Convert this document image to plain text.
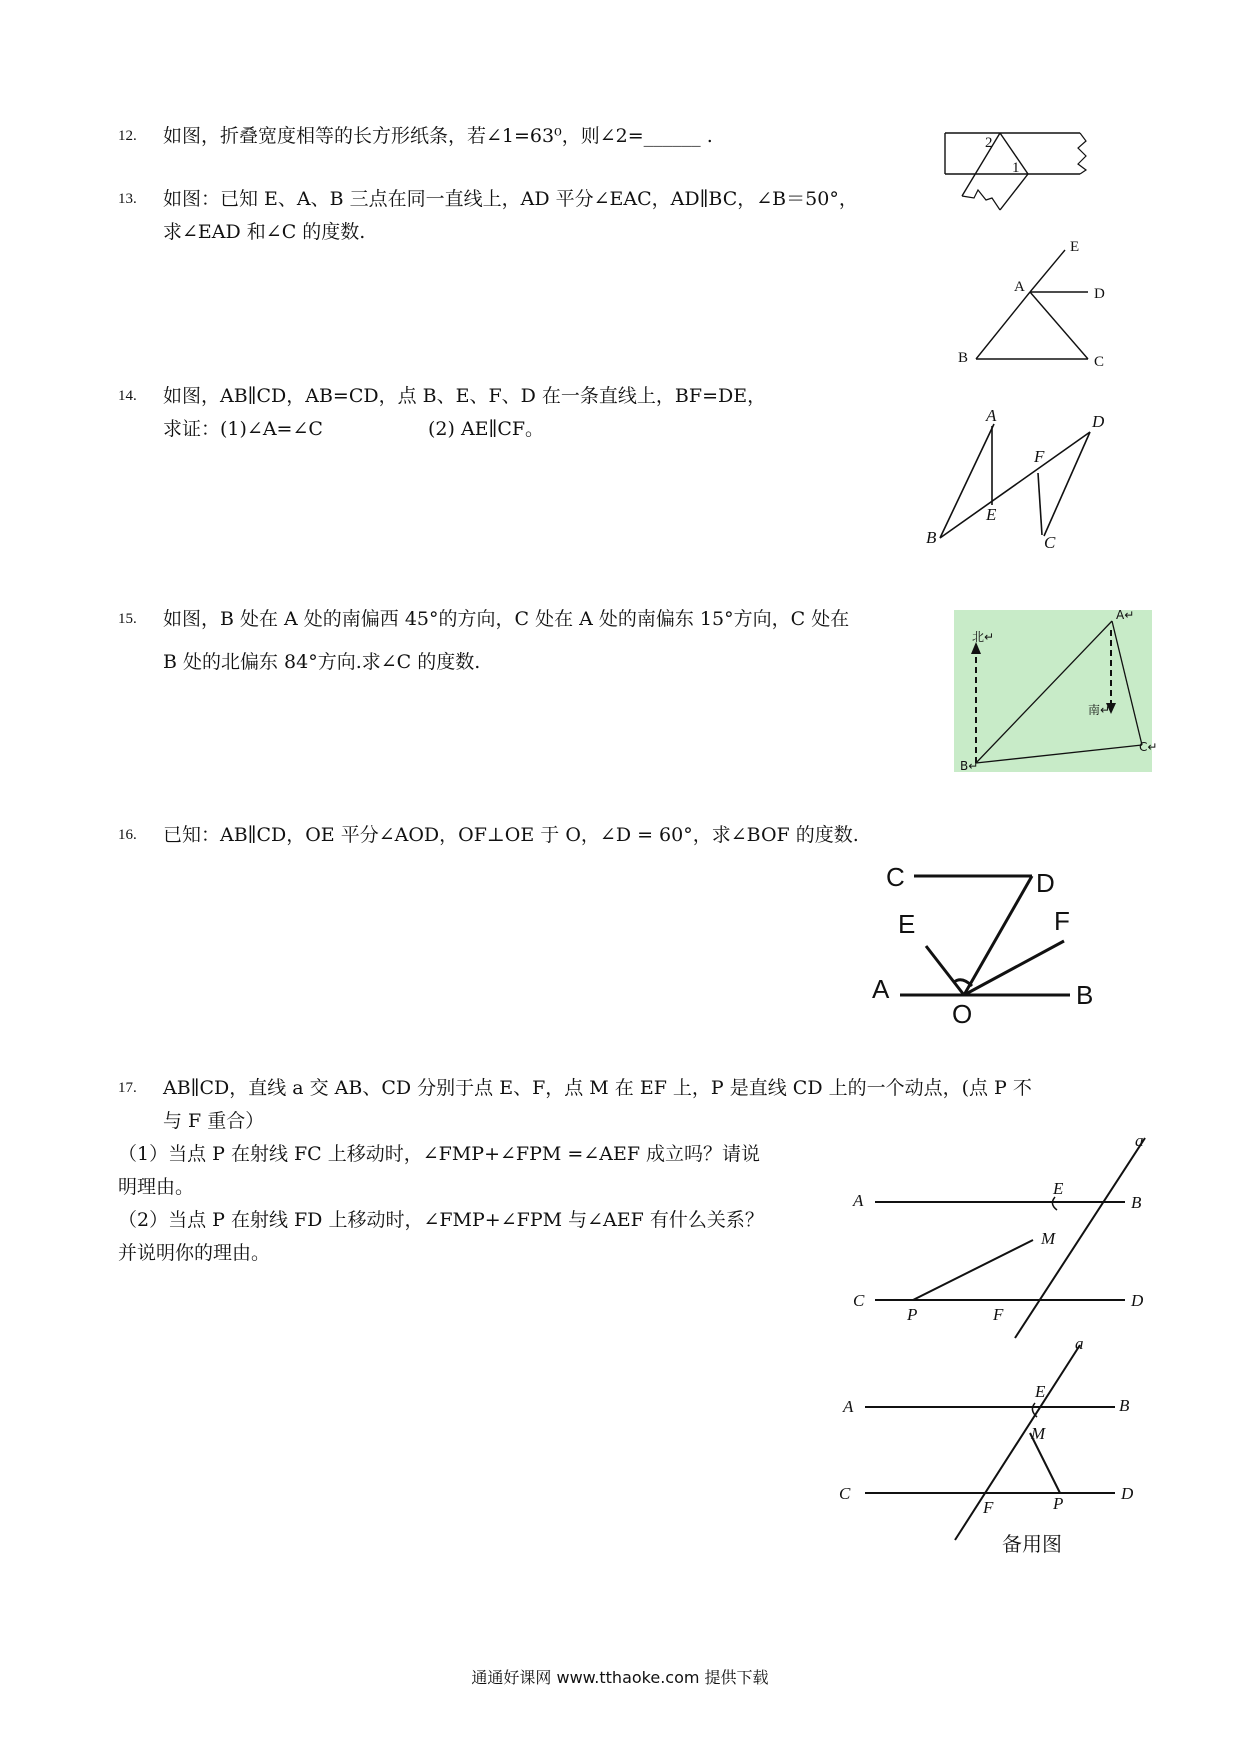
12. 如图，折叠宽度相等的长方形纸条，若∠1=63⁰，则∠2=______ .	2
1
13. 如图：已知 E、A、B 三点在同一直线上，AD 平分∠EAC，AD∥BC，∠B＝50°，
求∠EAD 和∠C 的度数.
E
A	D
B	C
14. 如图，AB∥CD，AB=CD，点 B、E、F、D 在一条直线上，BF=DE，
求证：(1)∠A=∠C	(2) AE∥CF。
A	D
F
E
B	C
15. 如图，B 处在 A 处的南偏西 45°的方向，C 处在 A 处的南偏东 15°方向，C 处在
B 处的北偏东 84°方向.求∠C 的度数.
北↵
南↵
A↵
B↵
C↵
16. 已知：AB∥CD，OE 平分∠AOD，OF⊥OE 于 O，∠D = 60°，求∠BOF 的度数.
C	D
E	F
A
O
B
17. AB∥CD，直线 a 交 AB、CD 分别于点 E、F，点 M 在 EF 上，P 是直线 CD 上的一个动点，(点 P 不
与 F 重合）
（1）当点 P 在射线 FC 上移动时，∠FMP+∠FPM =∠AEF 成立吗？请说
明理由。
（2）当点 P 在射线 FD 上移动时，∠FMP+∠FPM 与∠AEF 有什么关系？
并说明你的理由。
a
A
E
B
M
C
P	F
D
a
A
E
B
M
C
F	P
D
备用图
通通好课网 www.tthaoke.com 提供下载
